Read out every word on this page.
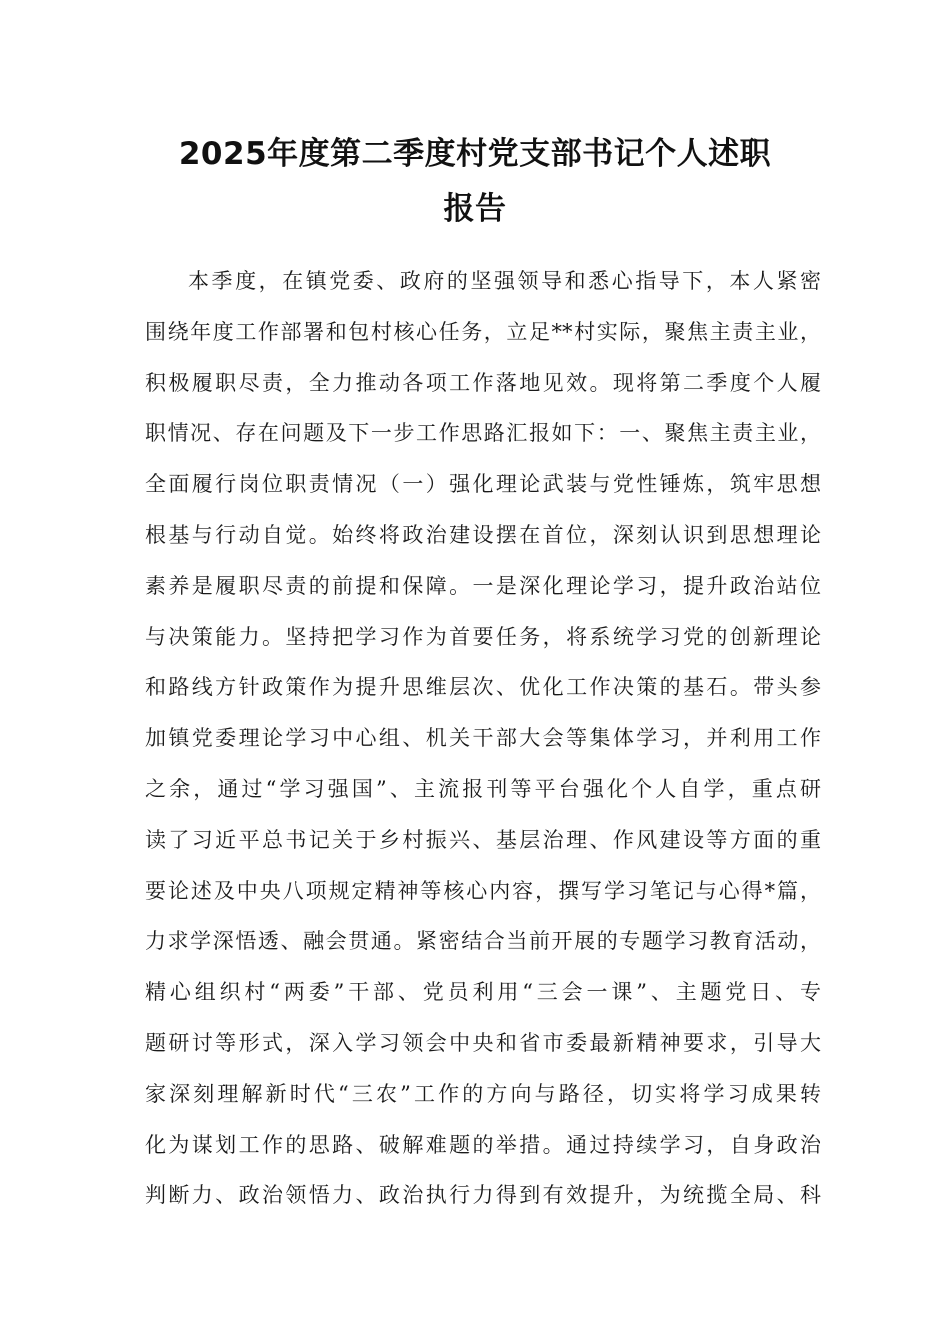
2025年度第二季度村党支部书记个人述职
报告
本季度，在镇党委、政府的坚强领导和悉心指导下，本人紧密
围绕年度工作部署和包村核心任务，立足**村实际，聚焦主责主业，
积极履职尽责，全力推动各项工作落地见效。现将第二季度个人履
职情况、存在问题及下一步工作思路汇报如下：一、聚焦主责主业，
全面履行岗位职责情况（一）强化理论武装与党性锤炼，筑牢思想
根基与行动自觉。始终将政治建设摆在首位，深刻认识到思想理论
素养是履职尽责的前提和保障。一是深化理论学习，提升政治站位
与决策能力。坚持把学习作为首要任务，将系统学习党的创新理论
和路线方针政策作为提升思维层次、优化工作决策的基石。带头参
加镇党委理论学习中心组、机关干部大会等集体学习，并利用工作
之余，通过“学习强国”、主流报刊等平台强化个人自学，重点研
读了习近平总书记关于乡村振兴、基层治理、作风建设等方面的重
要论述及中央八项规定精神等核心内容，撰写学习笔记与心得*篇，
力求学深悟透、融会贯通。紧密结合当前开展的专题学习教育活动，
精心组织村“两委”干部、党员利用“三会一课”、主题党日、专
题研讨等形式，深入学习领会中央和省市委最新精神要求，引导大
家深刻理解新时代“三农”工作的方向与路径，切实将学习成果转
化为谋划工作的思路、破解难题的举措。通过持续学习，自身政治
判断力、政治领悟力、政治执行力得到有效提升，为统揽全局、科
